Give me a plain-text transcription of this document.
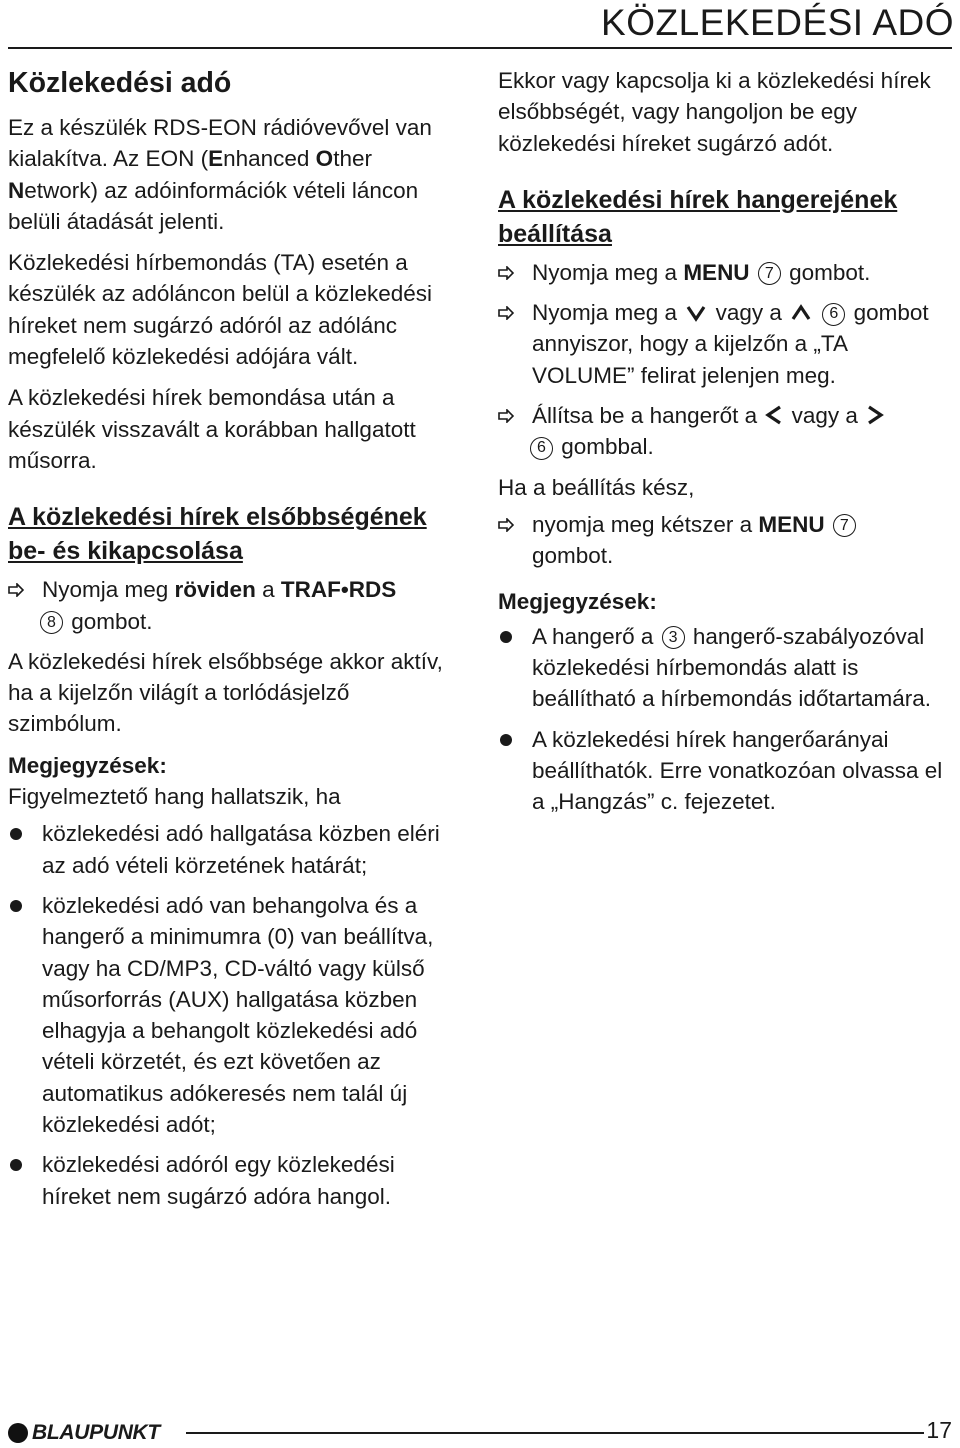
KÖZLEKEDÉSI ADÓ
Közlekedési adó

Ez a készülék RDS-EON rádióvevővel van kialakítva. Az EON (Enhanced Other Network) az adóinformációk vételi láncon belüli átadását jelenti.

Közlekedési hírbemondás (TA) esetén a készülék az adóláncon belül a közlekedési híreket nem sugárzó adóról az adólánc megfelelő közlekedési adójára vált.

A közlekedési hírek bemondása után a készülék visszavált a korábban hallgatott műsorra.

A közlekedési hírek elsőbbségének be- és kikapcsolása
Nyomja meg röviden a TRAF•RDS
8 gombot.

A közlekedési hírek elsőbbsége akkor aktív, ha a kijelzőn világít a torlódásjelző szimbólum.

Megjegyzések:

Figyelmeztető hang hallatszik, ha

közlekedési adó hallgatása közben eléri az adó vételi körzetének határát;
közlekedési adó van behangolva és a hangerő a minimumra (0) van beállítva, vagy ha CD/MP3, CD-váltó vagy külső műsorforrás (AUX) hallgatása közben elhagyja a behangolt közlekedési adó vételi körzetét, és ezt követően az automatikus adókeresés nem talál új közlekedési adót;
közlekedési adóról egy közlekedési híreket nem sugárzó adóra hangol.

Ekkor vagy kapcsolja ki a közlekedési hírek elsőbbségét, vagy hangoljon be egy közlekedési híreket sugárzó adót.

A közlekedési hírek hangerejének beállítása
Nyomja meg a MENU 7 gombot.
Nyomja meg a  vagy a	6 gombot annyiszor, hogy a kijelzőn a „TA VOLUME” felirat jelenjen meg.
Állítsa be a hangerőt a  vagy a
6 gombbal.

Ha a beállítás kész,

nyomja meg kétszer a MENU 7
gombot.
Megjegyzések:
A hangerő a 3 hangerő-szabályozóval közlekedési hírbemondás alatt is beállítható a hírbemondás időtartamára.
A közlekedési hírek hangerőarányai beállíthatók. Erre vonatkozóan olvassa el a „Hangzás” c. fejezetet.
BLAUPUNKT	17
